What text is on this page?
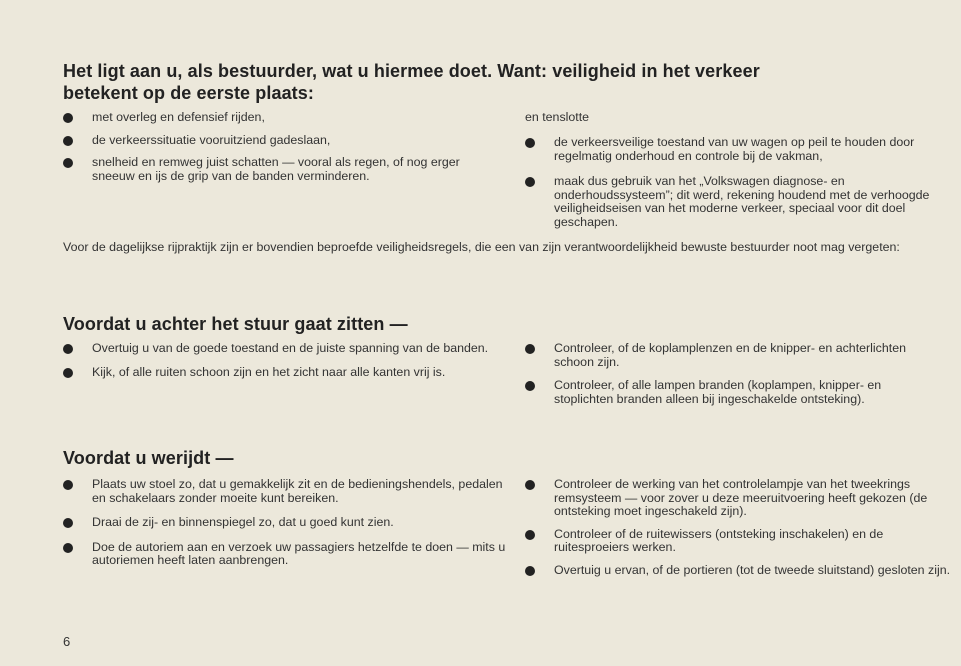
Het ligt aan u, als bestuurder, wat u hiermee doet. Want: veiligheid in het verkeer
betekent op de eerste plaats:
met overleg en defensief rijden,
de verkeerssituatie vooruitziend gadeslaan,
snelheid en remweg juist schatten — vooral als regen, of nog erger sneeuw en ijs de grip van de banden verminderen.
en tenslotte
de verkeersveilige toestand van uw wagen op peil te houden door regelmatig onderhoud en controle bij de vakman,
maak dus gebruik van het „Volkswagen diagnose- en onderhoudssysteem”; dit werd, rekening houdend met de verhoogde veiligheidseisen van het moderne verkeer, speciaal voor dit doel geschapen.
Voor de dagelijkse rijpraktijk zijn er bovendien beproefde veiligheidsregels, die een van zijn verantwoordelijkheid bewuste bestuurder noot mag vergeten:
Voordat u achter het stuur gaat zitten —
Overtuig u van de goede toestand en de juiste spanning van de banden.
Kijk, of alle ruiten schoon zijn en het zicht naar alle kanten vrij is.
Controleer, of de koplamplenzen en de knipper- en achterlichten schoon zijn.
Controleer, of alle lampen branden (koplampen, knipper- en stoplichten branden alleen bij ingeschakelde ontsteking).
Voordat u werijdt —
Plaats uw stoel zo, dat u gemakkelijk zit en de bedieningshendels, pedalen en schakelaars zonder moeite kunt bereiken.
Draai de zij- en binnenspiegel zo, dat u goed kunt zien.
Doe de autoriem aan en verzoek uw passagiers hetzelfde te doen — mits u autoriemen heeft laten aanbrengen.
Controleer de werking van het controlelampje van het tweekrings remsysteem — voor zover u deze meeruitvoering heeft gekozen (de ontsteking moet ingeschakeld zijn).
Controleer of de ruitewissers (ontsteking inschakelen) en de ruitesproeiers werken.
Overtuig u ervan, of de portieren (tot de tweede sluitstand) gesloten zijn.
6
